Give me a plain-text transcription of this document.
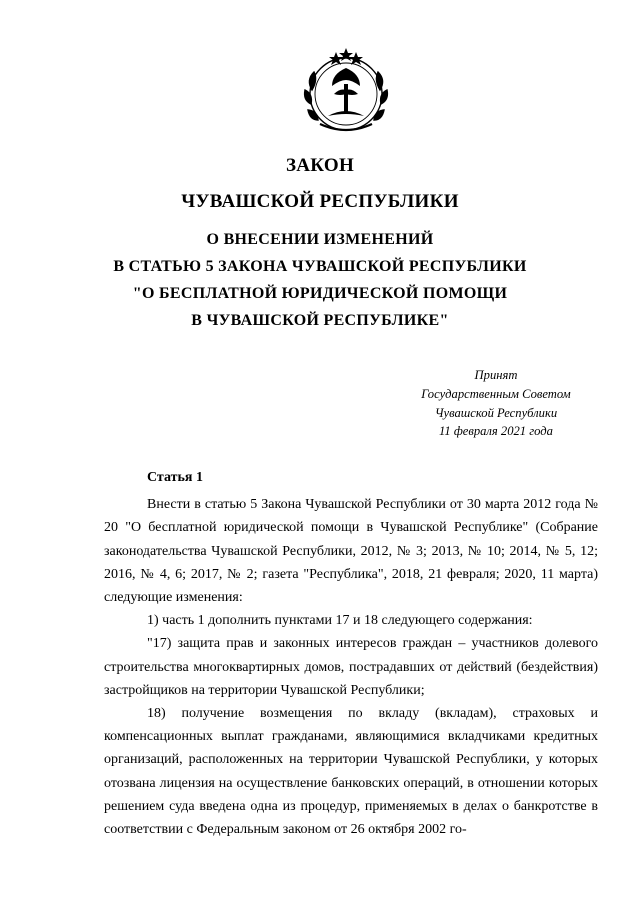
ЗАКОН
ЧУВАШСКОЙ РЕСПУБЛИКИ
О ВНЕСЕНИИ ИЗМЕНЕНИЙ
В СТАТЬЮ 5 ЗАКОНА ЧУВАШСКОЙ РЕСПУБЛИКИ
"О БЕСПЛАТНОЙ ЮРИДИЧЕСКОЙ ПОМОЩИ
В ЧУВАШСКОЙ РЕСПУБЛИКЕ"
Принят
Государственным Советом
Чувашской Республики
11 февраля 2021 года

Статья 1

Внести в статью 5 Закона Чувашской Республики от 30 марта 2012 года № 20 "О бесплатной юридической помощи в Чувашской Республике" (Собрание законодательства Чувашской Республики, 2012, № 3; 2013, № 10; 2014, № 5, 12; 2016, № 4, 6; 2017, № 2; газета "Республика", 2018, 21 февраля; 2020, 11 марта) следующие изменения:

1) часть 1 дополнить пунктами 17 и 18 следующего содержания:

"17) защита прав и законных интересов граждан – участников долевого строительства многоквартирных домов, пострадавших от действий (бездействия) застройщиков на территории Чувашской Республики;

18) получение возмещения по вкладу (вкладам), страховых и компенсационных выплат гражданами, являющимися вкладчиками кредитных организаций, расположенных на территории Чувашской Республики, у которых отозвана лицензия на осуществление банковских операций, в отношении которых решением суда введена одна из процедур, применяемых в делах о банкротстве в соответствии с Федеральным законом от 26 октября 2002 го-
